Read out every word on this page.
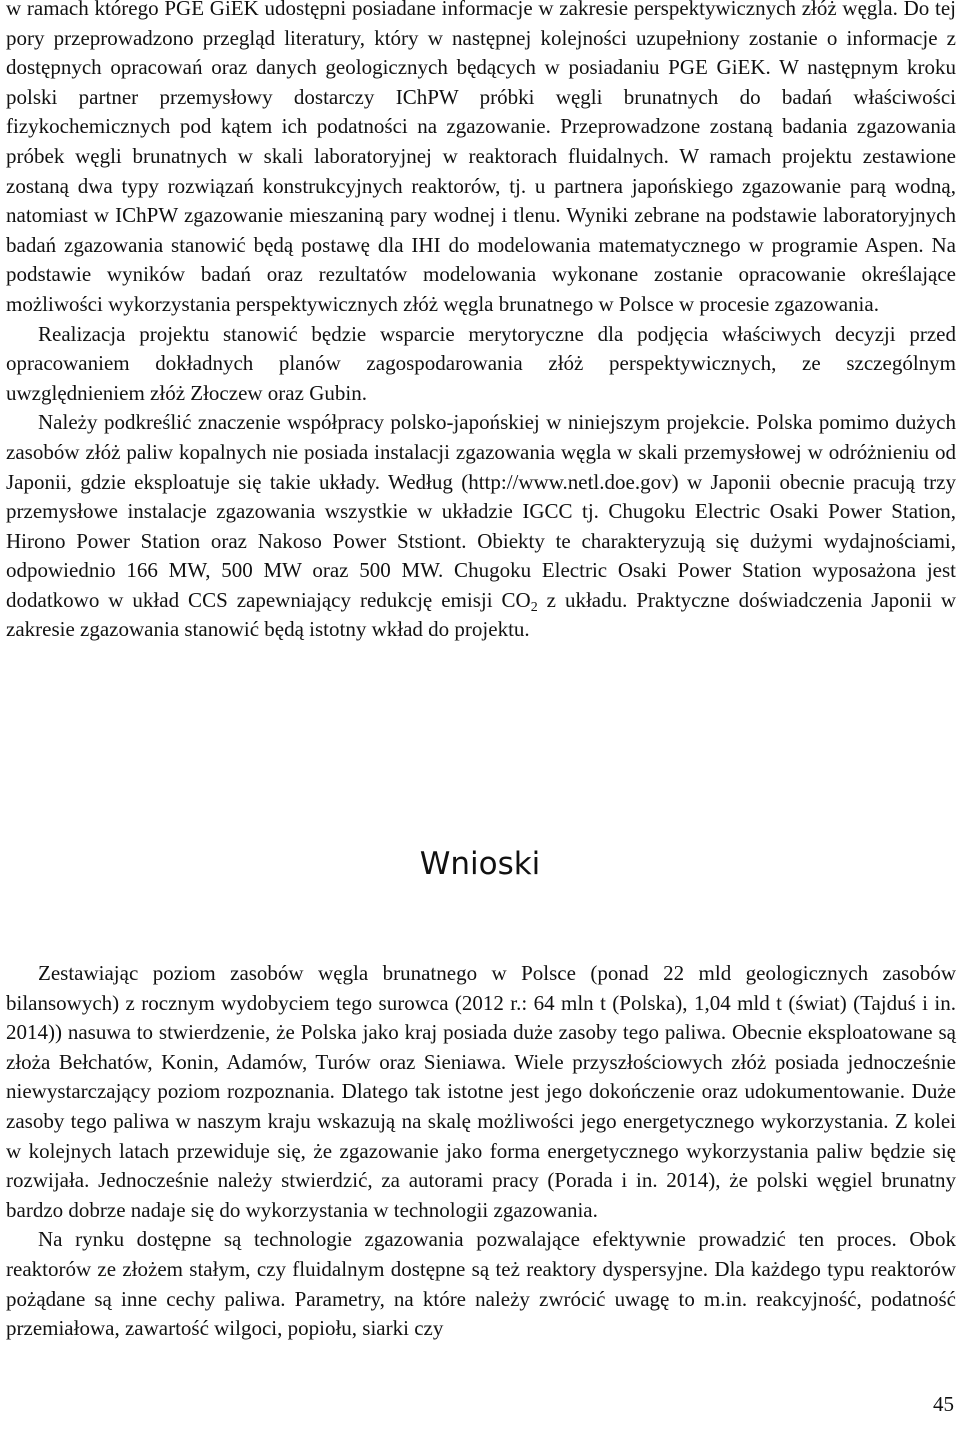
w ramach którego PGE GiEK udostępni posiadane informacje w zakresie perspektywicznych złóż węgla. Do tej pory przeprowadzono przegląd literatury, który w następnej kolejności uzupełniony zostanie o informacje z dostępnych opracowań oraz danych geologicznych będących w posiadaniu PGE GiEK. W następnym kroku polski partner przemysłowy dostarczy IChPW próbki węgli brunatnych do badań właściwości fizykochemicznych pod kątem ich podatności na zgazowanie. Przeprowadzone zostaną badania zgazowania próbek węgli brunatnych w skali laboratoryjnej w reaktorach fluidalnych. W ramach projektu zestawione zostaną dwa typy rozwiązań konstrukcyjnych reaktorów, tj. u partnera japońskiego zgazowanie parą wodną, natomiast w IChPW zgazowanie mieszaniną pary wodnej i tlenu. Wyniki zebrane na podstawie laboratoryjnych badań zgazowania stanowić będą postawę dla IHI do modelowania matematycznego w programie Aspen. Na podstawie wyników badań oraz rezultatów modelowania wykonane zostanie opracowanie określające możliwości wykorzystania perspektywicznych złóż węgla brunatnego w Polsce w procesie zgazowania.

Realizacja projektu stanowić będzie wsparcie merytoryczne dla podjęcia właściwych decyzji przed opracowaniem dokładnych planów zagospodarowania złóż perspektywicznych, ze szczególnym uwzględnieniem złóż Złoczew oraz Gubin.

Należy podkreślić znaczenie współpracy polsko-japońskiej w niniejszym projekcie. Polska pomimo dużych zasobów złóż paliw kopalnych nie posiada instalacji zgazowania węgla w skali przemysłowej w odróżnieniu od Japonii, gdzie eksploatuje się takie układy. Według (http://www.netl.doe.gov) w Japonii obecnie pracują trzy przemysłowe instalacje zgazowania wszystkie w układzie IGCC tj. Chugoku Electric Osaki Power Station, Hirono Power Station oraz Nakoso Power Ststiont. Obiekty te charakteryzują się dużymi wydajnościami, odpowiednio 166 MW, 500 MW oraz 500 MW. Chugoku Electric Osaki Power Station wyposażona jest dodatkowo w układ CCS zapewniający redukcję emisji $CO_2$ z układu. Praktyczne doświadczenia Japonii w zakresie zgazowania stanowić będą istotny wkład do projektu.

Wnioski

Zestawiając poziom zasobów węgla brunatnego w Polsce (ponad 22 mld geologicznych zasobów bilansowych) z rocznym wydobyciem tego surowca (2012 r.: 64 mln t (Polska), 1,04 mld t (świat) (Tajduś i in. 2014)) nasuwa to stwierdzenie, że Polska jako kraj posiada duże zasoby tego paliwa. Obecnie eksploatowane są złoża Bełchatów, Konin, Adamów, Turów oraz Sieniawa. Wiele przyszłościowych złóż posiada jednocześnie niewystarczający poziom rozpoznania. Dlatego tak istotne jest jego dokończenie oraz udokumentowanie. Duże zasoby tego paliwa w naszym kraju wskazują na skalę możliwości jego energetycznego wykorzystania. Z kolei w kolejnych latach przewiduje się, że zgazowanie jako forma energetycznego wykorzystania paliw będzie się rozwijała. Jednocześnie należy stwierdzić, za autorami pracy (Porada i in. 2014), że polski węgiel brunatny bardzo dobrze nadaje się do wykorzystania w technologii zgazowania.

Na rynku dostępne są technologie zgazowania pozwalające efektywnie prowadzić ten proces. Obok reaktorów ze złożem stałym, czy fluidalnym dostępne są też reaktory dyspersyjne. Dla każdego typu reaktorów pożądane są inne cechy paliwa. Parametry, na które należy zwrócić uwagę to m.in. reakcyjność, podatność przemiałowa, zawartość wilgoci, popiołu, siarki czy

45
